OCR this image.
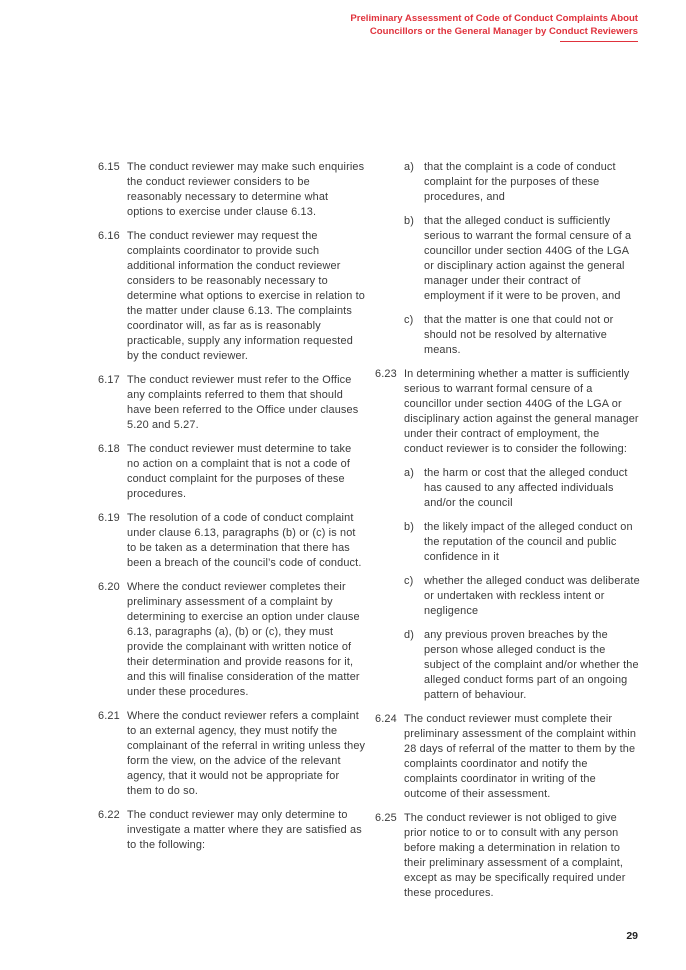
Preliminary Assessment of Code of Conduct Complaints About
Councillors or the General Manager by Conduct Reviewers
6.15 The conduct reviewer may make such enquiries the conduct reviewer considers to be reasonably necessary to determine what options to exercise under clause 6.13.
6.16 The conduct reviewer may request the complaints coordinator to provide such additional information the conduct reviewer considers to be reasonably necessary to determine what options to exercise in relation to the matter under clause 6.13. The complaints coordinator will, as far as is reasonably practicable, supply any information requested by the conduct reviewer.
6.17 The conduct reviewer must refer to the Office any complaints referred to them that should have been referred to the Office under clauses 5.20 and 5.27.
6.18 The conduct reviewer must determine to take no action on a complaint that is not a code of conduct complaint for the purposes of these procedures.
6.19 The resolution of a code of conduct complaint under clause 6.13, paragraphs (b) or (c) is not to be taken as a determination that there has been a breach of the council’s code of conduct.
6.20 Where the conduct reviewer completes their preliminary assessment of a complaint by determining to exercise an option under clause 6.13, paragraphs (a), (b) or (c), they must provide the complainant with written notice of their determination and provide reasons for it, and this will finalise consideration of the matter under these procedures.
6.21 Where the conduct reviewer refers a complaint to an external agency, they must notify the complainant of the referral in writing unless they form the view, on the advice of the relevant agency, that it would not be appropriate for them to do so.
6.22 The conduct reviewer may only determine to investigate a matter where they are satisfied as to the following:
a) that the complaint is a code of conduct complaint for the purposes of these procedures, and
b) that the alleged conduct is sufficiently serious to warrant the formal censure of a councillor under section 440G of the LGA or disciplinary action against the general manager under their contract of employment if it were to be proven, and
c) that the matter is one that could not or should not be resolved by alternative means.
6.23 In determining whether a matter is sufficiently serious to warrant formal censure of a councillor under section 440G of the LGA or disciplinary action against the general manager under their contract of employment, the conduct reviewer is to consider the following:
a) the harm or cost that the alleged conduct has caused to any affected individuals and/or the council
b) the likely impact of the alleged conduct on the reputation of the council and public confidence in it
c) whether the alleged conduct was deliberate or undertaken with reckless intent or negligence
d) any previous proven breaches by the person whose alleged conduct is the subject of the complaint and/or whether the alleged conduct forms part of an ongoing pattern of behaviour.
6.24 The conduct reviewer must complete their preliminary assessment of the complaint within 28 days of referral of the matter to them by the complaints coordinator and notify the complaints coordinator in writing of the outcome of their assessment.
6.25 The conduct reviewer is not obliged to give prior notice to or to consult with any person before making a determination in relation to their preliminary assessment of a complaint, except as may be specifically required under these procedures.
29
